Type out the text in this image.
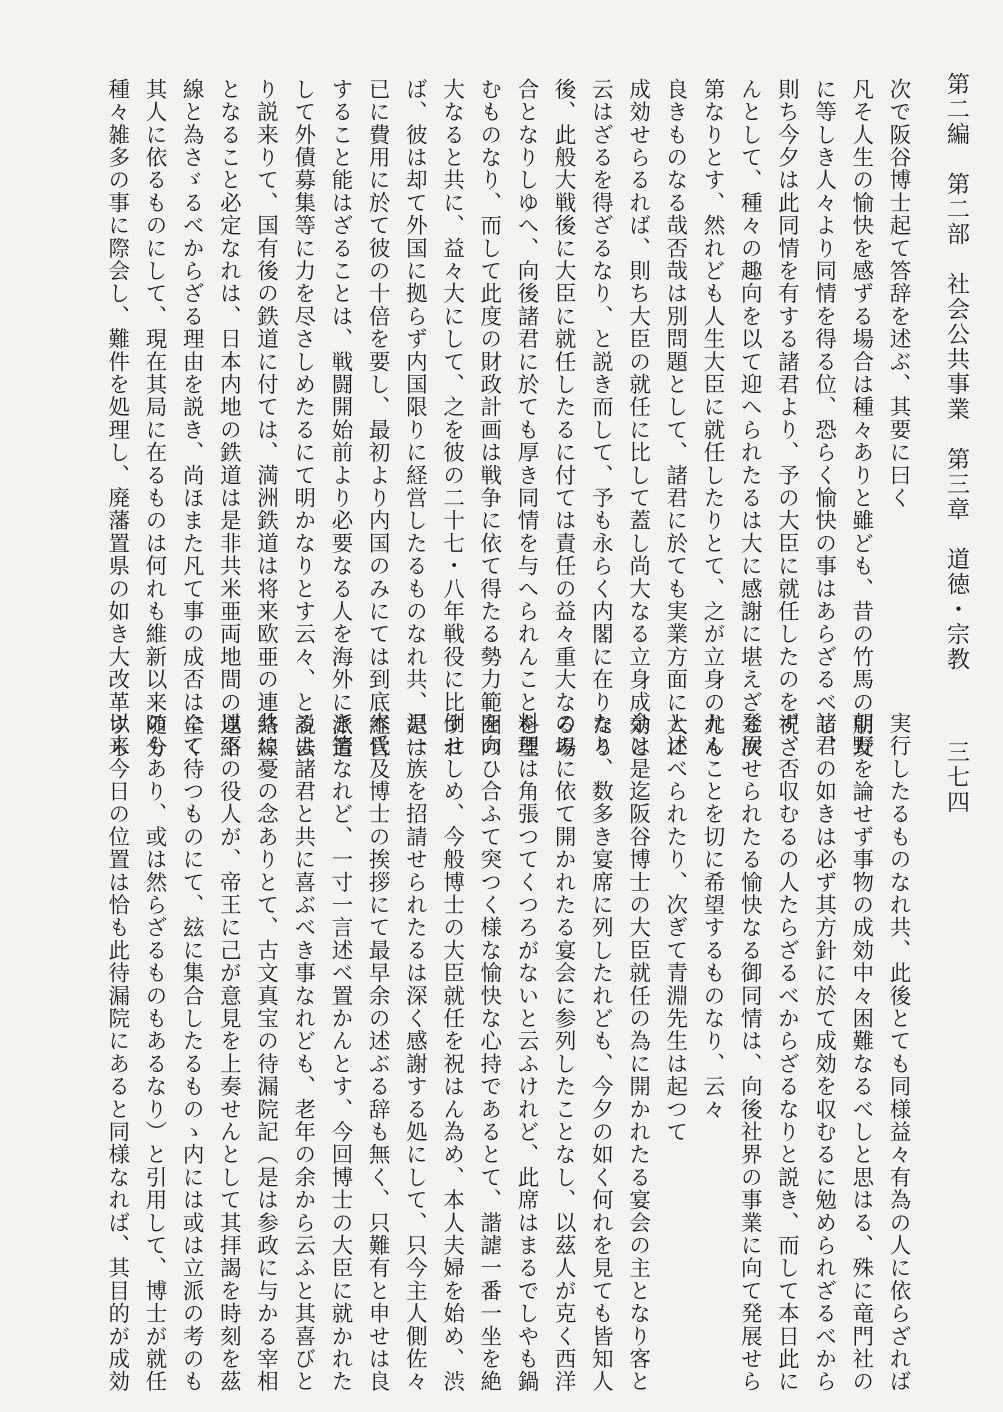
第二編　第二部　社会公共事業　第三章　道徳・宗教
三七四
次で阪谷博士起て答辞を述ぶ、其要に曰く
凡そ人生の愉快を感ずる場合は種々ありと雖ども、昔の竹馬の朋友
に等しき人々より同情を得る位、恐らく愉快の事はあらざるべし、
則ち今夕は此同情を有する諸君より、予の大臣に就任したのを祝さ
んとして、種々の趣向を以て迎へられたるは大に感謝に堪えざる次
第なりとす、然れども人生大臣に就任したりとて、之が立身の尤も
良きものなる哉否哉は別問題として、諸君に於ても実業方面に大に
成効せらるれば、則ち大臣の就任に比して蓋し尚大なる立身成効と
云はざるを得ざるなり、と説き而して、予も永らく内閣に在りたる
後、此般大戦後に大臣に就任したるに付ては責任の益々重大なる場
合となりしゆへ、向後諸君に於ても厚き同情を与へられんことを望
むものなり、而して此度の財政計画は戦争に依て得たる勢力範囲の
大なると共に、益々大にして、之を彼の二十七・八年戦役に比すれ
ば、彼は却て外国に拠らず内国限りに経営したるものなれ共、是は
已に費用に於て彼の十倍を要し、最初より内国のみにては到底経営
すること能はざることは、戦闘開始前より必要なる人を海外に派遣
して外債募集等に力を尽さしめたるにて明かなりとす云々、と説去
り説来りて、国有後の鉄道に付ては、満洲鉄道は将来欧亜の連絡線
となること必定なれは、日本内地の鉄道は是非共米亜両地間の連絡
線と為さゞるべからざる理由を説き、尚ほまた凡て事の成否は全く
其人に依るものにして、現在其局に在るものは何れも維新以来随分
種々雑多の事に際会し、難件を処理し、廃藩置県の如き大改革すら
実行したるものなれ共、此後とても同様益々有為の人に依らざれば
朝野を論せず事物の成効中々困難なるべしと思はる、殊に竜門社の
諸君の如きは必ず其方針に於て成効を収むるに勉められざるべから
ず、否収むるの人たらざるべからざるなりと説き、而して本日此に
発展せられたる愉快なる御同情は、向後社界の事業に向て発展せら
れんことを切に希望するものなり、云々
と述べられたり、次ぎて青淵先生は起つて
余は是迄阪谷博士の大臣就任の為に開かれたる宴会の主となり客と
なり、数多き宴席に列したれども、今夕の如く何れを見ても皆知人
のみに依て開かれたる宴会に参列したことなし、以茲人が克く西洋
料理は角張つてくつろがないと云ふけれど、此席はまるでしやも鍋
を向ひ合ふて突つく様な愉快な心持であるとて、諧謔一番一坐を絶
倒せしめ、今般博士の大臣就任を祝はん為め、本人夫婦を始め、渋
沢一族を招請せられたるは深く感謝する処にして、只今主人側佐々
木氏及博士の挨拶にて最早余の述ぶる辞も無く、只難有と申せは良
き筈なれど、一寸一言述べ置かんとす、今回博士の大臣に就かれた
るは諸君と共に喜ぶべき事なれども、老年の余から云ふと其喜びと
共に憂の念ありとて、古文真宝の待漏院記（是は参政に与かる宰相
以下の役人が、帝王に己が意見を上奏せんとして其拝謁を時刻を茲
にて待つものにて、玆に集合したるものゝ内には或は立派の考のも
のもあり、或は然らざるものもあるなり）と引用して、博士が就任
以来今日の位置は恰も此待漏院にあると同様なれば、其目的が成効
